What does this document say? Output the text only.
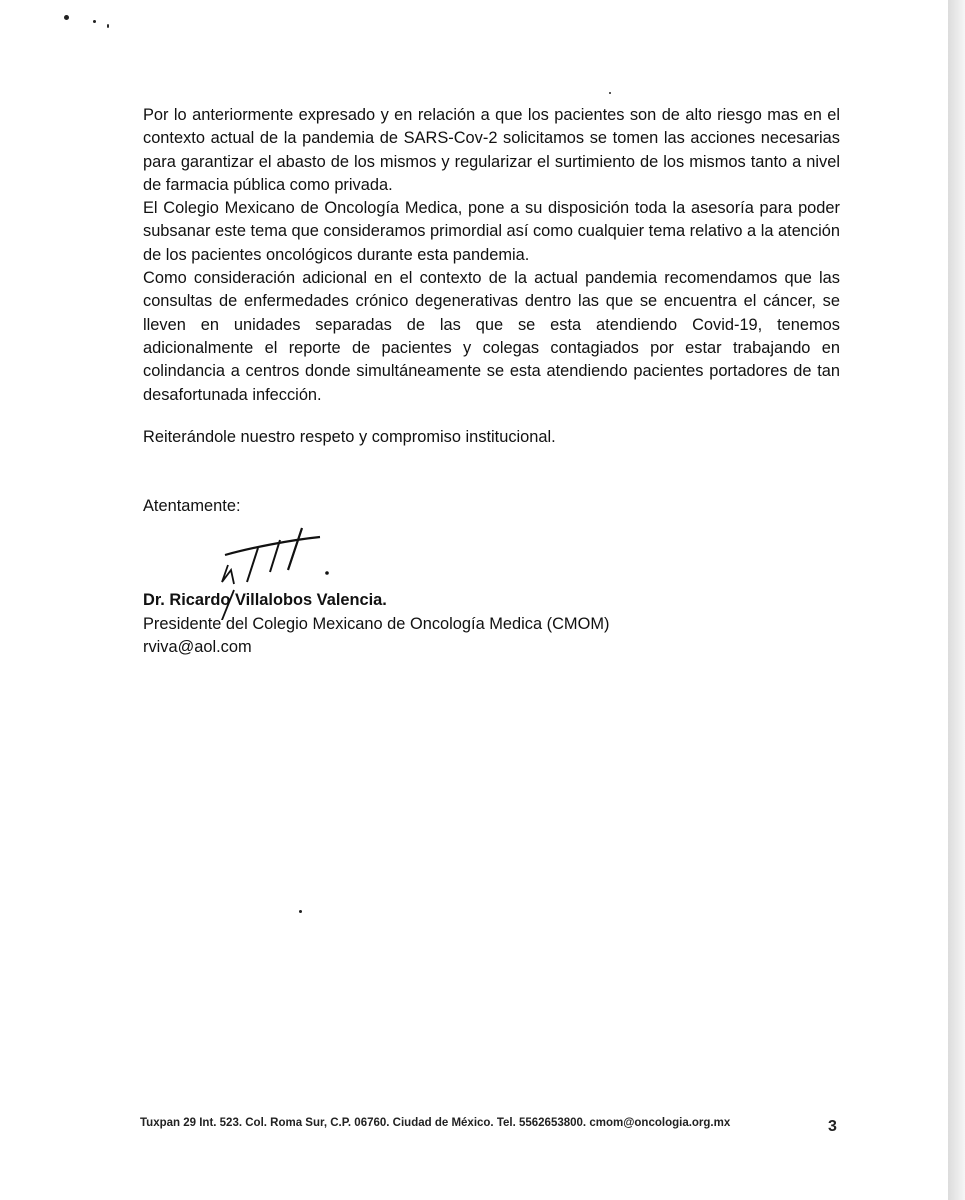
Por lo anteriormente expresado y en relación a que los pacientes son de alto riesgo mas en el contexto actual de la pandemia de SARS-Cov-2 solicitamos se tomen las acciones necesarias para garantizar el abasto de los mismos y regularizar el surtimiento de los mismos tanto a nivel de farmacia pública como privada.

El Colegio Mexicano de Oncología Medica, pone a su disposición toda la asesoría para poder subsanar este tema que consideramos primordial así como cualquier tema relativo a la atención de los pacientes oncológicos durante esta pandemia.

Como consideración adicional en el contexto de la actual pandemia recomendamos que las consultas de enfermedades crónico degenerativas dentro las que se encuentra el cáncer, se lleven en unidades separadas de las que se esta atendiendo Covid-19, tenemos adicionalmente el reporte de pacientes y colegas contagiados por estar trabajando en colindancia a centros donde simultáneamente se esta atendiendo pacientes portadores de tan desafortunada infección.

Reiterándole nuestro respeto y compromiso institucional.
Atentamente:
Dr. Ricardo Villalobos Valencia.
Presidente del Colegio Mexicano de Oncología Medica (CMOM)
rviva@aol.com
Tuxpan 29 Int. 523. Col. Roma Sur, C.P. 06760. Ciudad de México. Tel. 5562653800. cmom@oncologia.org.mx	3
